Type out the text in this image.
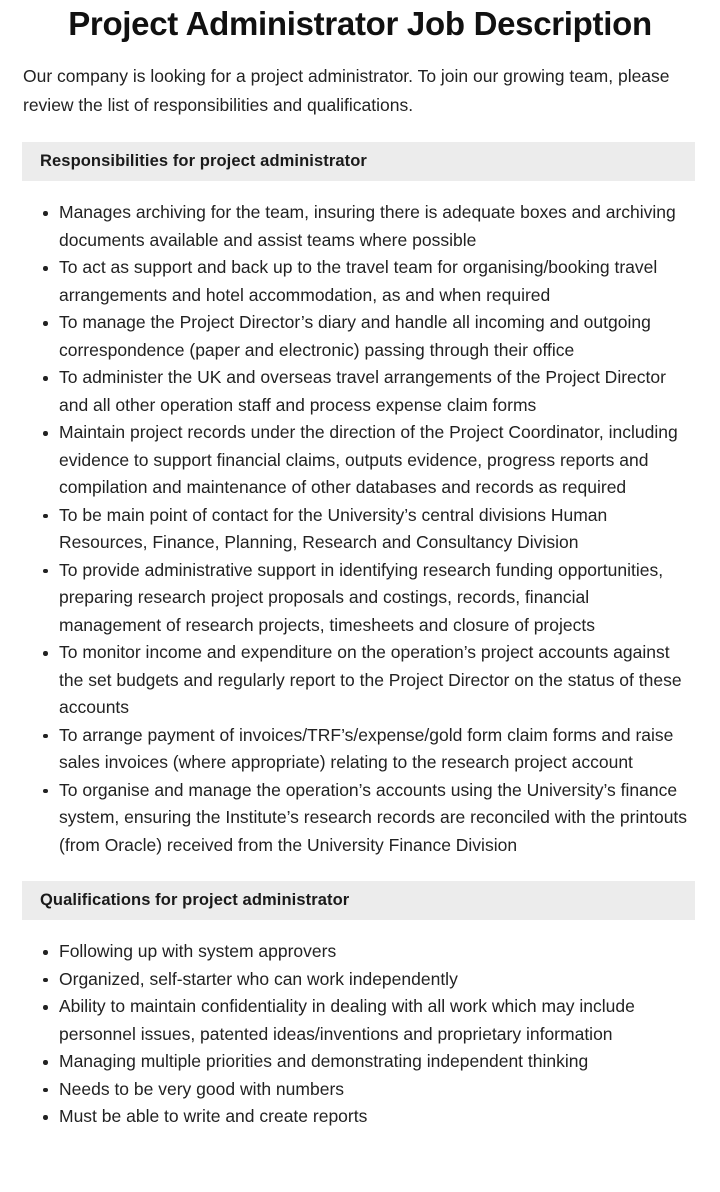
Project Administrator Job Description

Our company is looking for a project administrator. To join our growing team, please review the list of responsibilities and qualifications.

Responsibilities for project administrator
Manages archiving for the team, insuring there is adequate boxes and archiving documents available and assist teams where possible
To act as support and back up to the travel team for organising/booking travel arrangements and hotel accommodation, as and when required
To manage the Project Director’s diary and handle all incoming and outgoing correspondence (paper and electronic) passing through their office
To administer the UK and overseas travel arrangements of the Project Director and all other operation staff and process expense claim forms
Maintain project records under the direction of the Project Coordinator, including evidence to support financial claims, outputs evidence, progress reports and compilation and maintenance of other databases and records as required
To be main point of contact for the University’s central divisions Human Resources, Finance, Planning, Research and Consultancy Division
To provide administrative support in identifying research funding opportunities, preparing research project proposals and costings, records, financial management of research projects, timesheets and closure of projects
To monitor income and expenditure on the operation’s project accounts against the set budgets and regularly report to the Project Director on the status of these accounts
To arrange payment of invoices/TRF’s/expense/gold form claim forms and raise sales invoices (where appropriate) relating to the research project account
To organise and manage the operation’s accounts using the University’s finance system, ensuring the Institute’s research records are reconciled with the printouts (from Oracle) received from the University Finance Division
Qualifications for project administrator
Following up with system approvers
Organized, self-starter who can work independently
Ability to maintain confidentiality in dealing with all work which may include personnel issues, patented ideas/inventions and proprietary information
Managing multiple priorities and demonstrating independent thinking
Needs to be very good with numbers
Must be able to write and create reports
